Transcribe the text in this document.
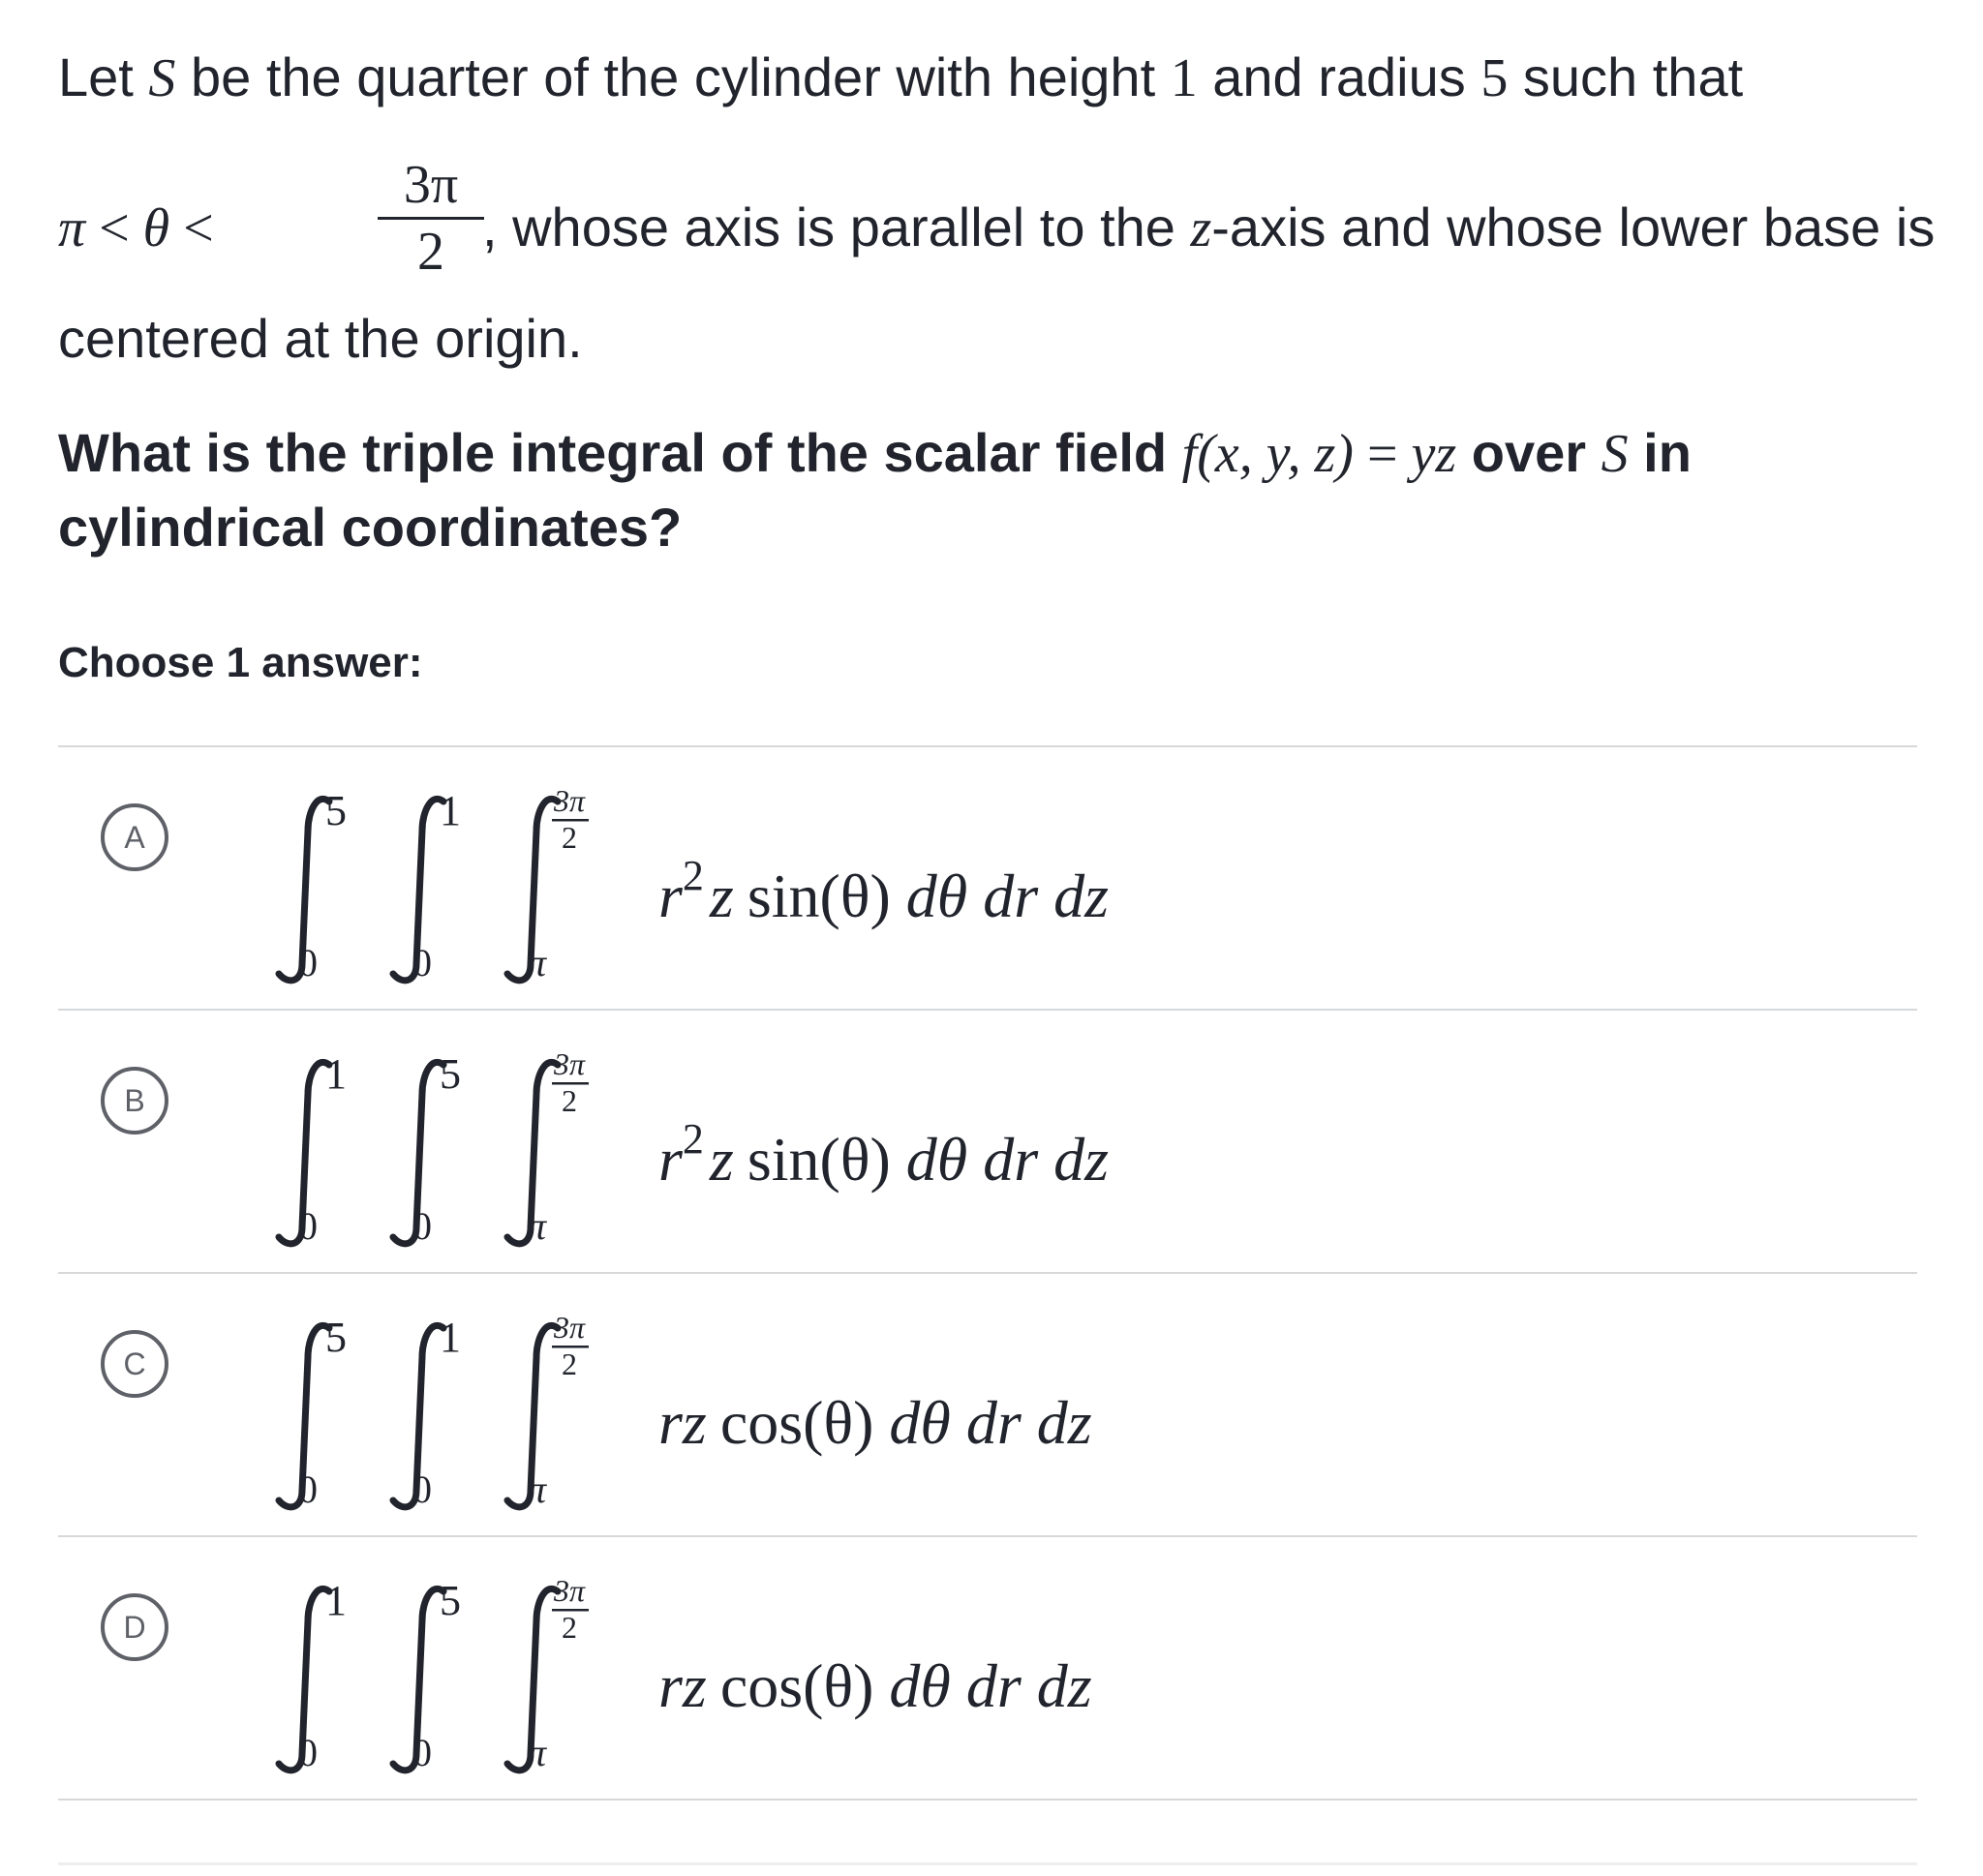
Let S be the quarter of the cylinder with height 1 and radius 5 such that
π < θ <
3π
2 , whose axis is parallel to the z-axis and whose lower base is
centered at the origin.
What is the triple integral of the scalar field f(x, y, z) = yz over S in
cylindrical coordinates?
Choose 1 answer:
A
5
0
1
0
3π
2
π
$r^2z$ sin(θ) dθ dr dz
B
1
0
5
0
3π
2
π
$r^2z$ sin(θ) dθ dr dz
C
5
0
1
0
3π
2
π
rz cos(θ) dθ dr dz
D
1
0
5
0
3π
2
π
rz cos(θ) dθ dr dz
